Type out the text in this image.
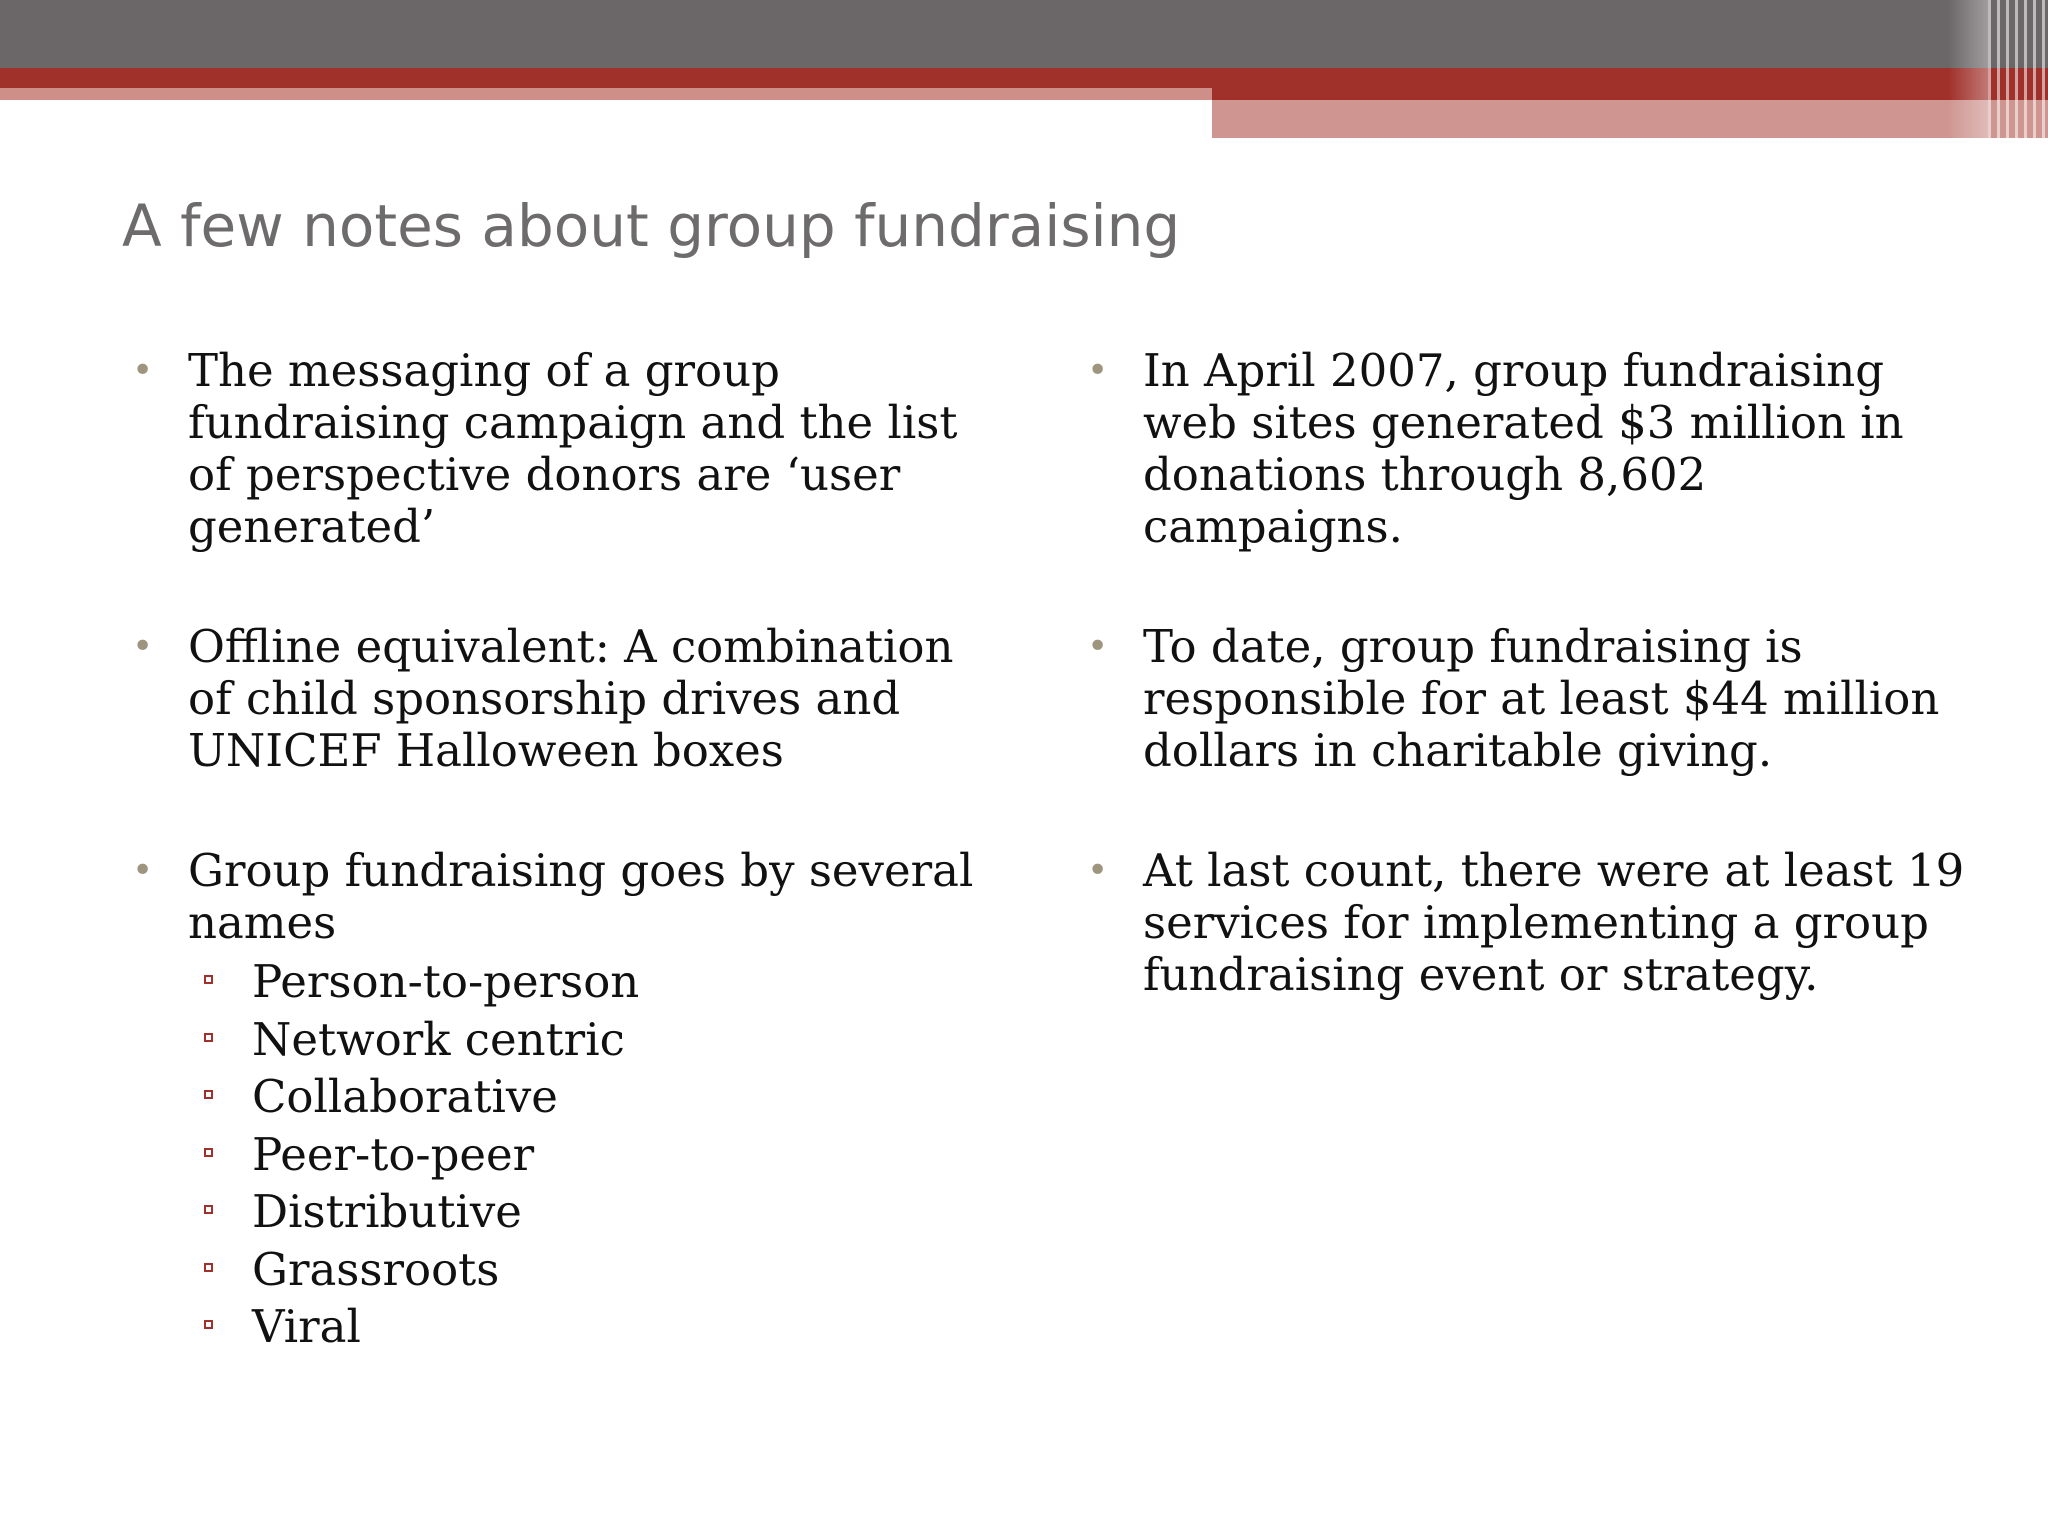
A few notes about group fundraising
• The messaging of a group fundraising campaign and the list of perspective donors are ‘user generated’
• Offline equivalent: A combination of child sponsorship drives and UNICEF Halloween boxes
• Group fundraising goes by several names
Person-to-person
Network centric
Collaborative
Peer-to-peer
Distributive
Grassroots
Viral
• In April 2007, group fundraising web sites generated $3 million in donations through 8,602 campaigns.
• To date, group fundraising is responsible for at least $44 million dollars in charitable giving.
• At last count, there were at least 19 services for implementing a group fundraising event or strategy.
